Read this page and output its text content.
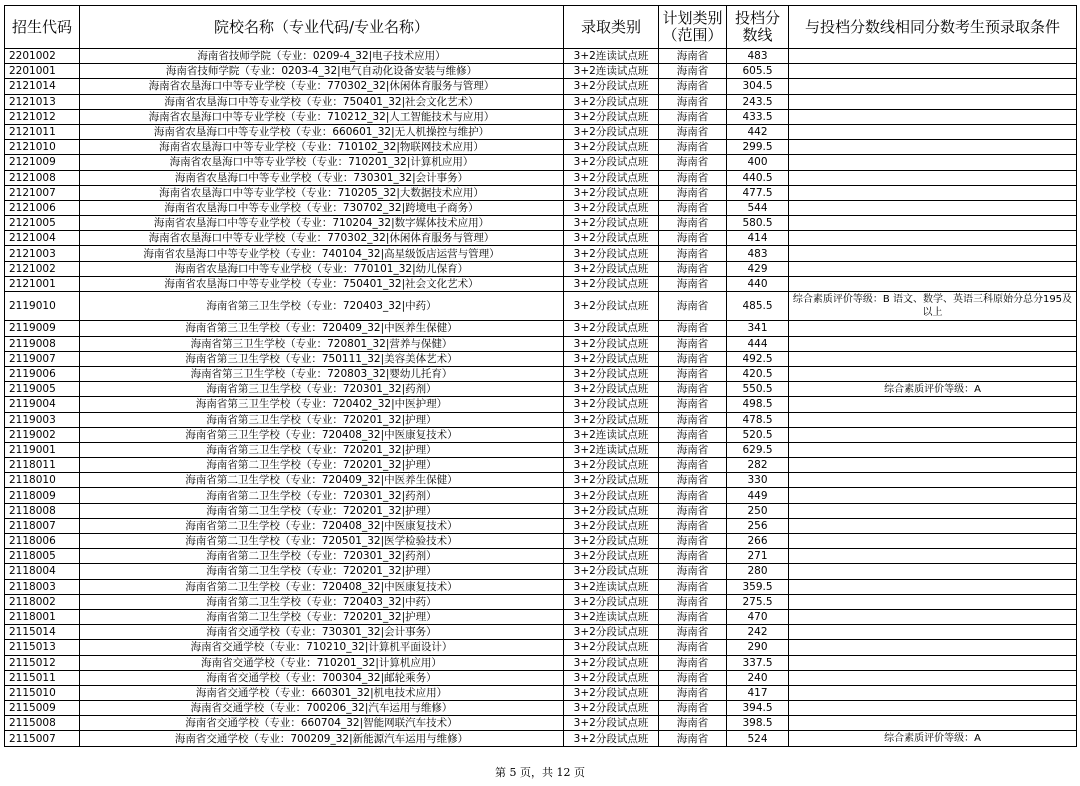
招生代码	院校名称（专业代码/专业名称）	录取类别	计划类别（范围）	投档分数线	与投档分数线相同分数考生预录取条件
2201002	海南省技师学院（专业：0209-4_32|电子技术应用）	3+2连读试点班	海南省	483	
2201001	海南省技师学院（专业：0203-4_32|电气自动化设备安装与维修）	3+2连读试点班	海南省	605.5	
2121014	海南省农垦海口中等专业学校（专业：770302_32|休闲体育服务与管理）	3+2分段试点班	海南省	304.5	
2121013	海南省农垦海口中等专业学校（专业：750401_32|社会文化艺术）	3+2分段试点班	海南省	243.5	
2121012	海南省农垦海口中等专业学校（专业：710212_32|人工智能技术与应用）	3+2分段试点班	海南省	433.5	
2121011	海南省农垦海口中等专业学校（专业：660601_32|无人机操控与维护）	3+2分段试点班	海南省	442	
2121010	海南省农垦海口中等专业学校（专业：710102_32|物联网技术应用）	3+2分段试点班	海南省	299.5	
2121009	海南省农垦海口中等专业学校（专业：710201_32|计算机应用）	3+2分段试点班	海南省	400	
2121008	海南省农垦海口中等专业学校（专业：730301_32|会计事务）	3+2分段试点班	海南省	440.5	
2121007	海南省农垦海口中等专业学校（专业：710205_32|大数据技术应用）	3+2分段试点班	海南省	477.5	
2121006	海南省农垦海口中等专业学校（专业：730702_32|跨境电子商务）	3+2分段试点班	海南省	544	
2121005	海南省农垦海口中等专业学校（专业：710204_32|数字媒体技术应用）	3+2分段试点班	海南省	580.5	
2121004	海南省农垦海口中等专业学校（专业：770302_32|休闲体育服务与管理）	3+2分段试点班	海南省	414	
2121003	海南省农垦海口中等专业学校（专业：740104_32|高星级饭店运营与管理）	3+2分段试点班	海南省	483	
2121002	海南省农垦海口中等专业学校（专业：770101_32|幼儿保育）	3+2分段试点班	海南省	429	
2121001	海南省农垦海口中等专业学校（专业：750401_32|社会文化艺术）	3+2分段试点班	海南省	440	
2119010	海南省第三卫生学校（专业：720403_32|中药）	3+2分段试点班	海南省	485.5	综合素质评价等级：B 语文、数学、英语三科原始分总分195及以上
2119009	海南省第三卫生学校（专业：720409_32|中医养生保健）	3+2分段试点班	海南省	341	
2119008	海南省第三卫生学校（专业：720801_32|营养与保健）	3+2分段试点班	海南省	444	
2119007	海南省第三卫生学校（专业：750111_32|美容美体艺术）	3+2分段试点班	海南省	492.5	
2119006	海南省第三卫生学校（专业：720803_32|婴幼儿托育）	3+2分段试点班	海南省	420.5	
2119005	海南省第三卫生学校（专业：720301_32|药剂）	3+2分段试点班	海南省	550.5	综合素质评价等级：A
2119004	海南省第三卫生学校（专业：720402_32|中医护理）	3+2分段试点班	海南省	498.5	
2119003	海南省第三卫生学校（专业：720201_32|护理）	3+2分段试点班	海南省	478.5	
2119002	海南省第三卫生学校（专业：720408_32|中医康复技术）	3+2连读试点班	海南省	520.5	
2119001	海南省第三卫生学校（专业：720201_32|护理）	3+2连读试点班	海南省	629.5	
2118011	海南省第二卫生学校（专业：720201_32|护理）	3+2分段试点班	海南省	282	
2118010	海南省第二卫生学校（专业：720409_32|中医养生保健）	3+2分段试点班	海南省	330	
2118009	海南省第二卫生学校（专业：720301_32|药剂）	3+2分段试点班	海南省	449	
2118008	海南省第二卫生学校（专业：720201_32|护理）	3+2分段试点班	海南省	250	
2118007	海南省第二卫生学校（专业：720408_32|中医康复技术）	3+2分段试点班	海南省	256	
2118006	海南省第二卫生学校（专业：720501_32|医学检验技术）	3+2分段试点班	海南省	266	
2118005	海南省第二卫生学校（专业：720301_32|药剂）	3+2分段试点班	海南省	271	
2118004	海南省第二卫生学校（专业：720201_32|护理）	3+2分段试点班	海南省	280	
2118003	海南省第二卫生学校（专业：720408_32|中医康复技术）	3+2连读试点班	海南省	359.5	
2118002	海南省第二卫生学校（专业：720403_32|中药）	3+2分段试点班	海南省	275.5	
2118001	海南省第二卫生学校（专业：720201_32|护理）	3+2连读试点班	海南省	470	
2115014	海南省交通学校（专业：730301_32|会计事务）	3+2分段试点班	海南省	242	
2115013	海南省交通学校（专业：710210_32|计算机平面设计）	3+2分段试点班	海南省	290	
2115012	海南省交通学校（专业：710201_32|计算机应用）	3+2分段试点班	海南省	337.5	
2115011	海南省交通学校（专业：700304_32|邮轮乘务）	3+2分段试点班	海南省	240	
2115010	海南省交通学校（专业：660301_32|机电技术应用）	3+2分段试点班	海南省	417	
2115009	海南省交通学校（专业：700206_32|汽车运用与维修）	3+2分段试点班	海南省	394.5	
2115008	海南省交通学校（专业：660704_32|智能网联汽车技术）	3+2分段试点班	海南省	398.5	
2115007	海南省交通学校（专业：700209_32|新能源汽车运用与维修）	3+2分段试点班	海南省	524	综合素质评价等级：A
第 5 页，共 12 页
